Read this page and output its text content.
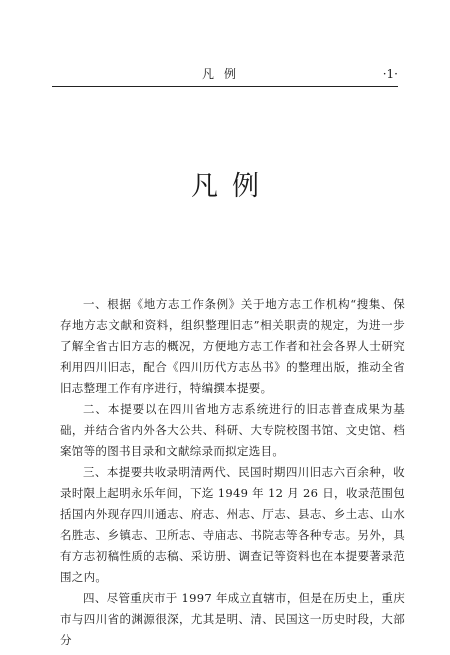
凡例	·1·
凡例

一、根据《地方志工作条例》关于地方志工作机构“搜集、保存地方志文献和资料，组织整理旧志”相关职责的规定，为进一步了解全省古旧方志的概况，方便地方志工作者和社会各界人士研究利用四川旧志，配合《四川历代方志丛书》的整理出版，推动全省旧志整理工作有序进行，特编撰本提要。

二、本提要以在四川省地方志系统进行的旧志普查成果为基础，并结合省内外各大公共、科研、大专院校图书馆、文史馆、档案馆等的图书目录和文献综录而拟定选目。

三、本提要共收录明清两代、民国时期四川旧志六百余种，收录时限上起明永乐年间，下迄 1949 年 12 月 26 日，收录范围包括国内外现存四川通志、府志、州志、厅志、县志、乡土志、山水名胜志、乡镇志、卫所志、寺庙志、书院志等各种专志。另外，具有方志初稿性质的志稿、采访册、调查记等资料也在本提要著录范围之内。

四、尽管重庆市于 1997 年成立直辖市，但是在历史上，重庆市与四川省的渊源很深，尤其是明、清、民国这一历史时段，大部分
